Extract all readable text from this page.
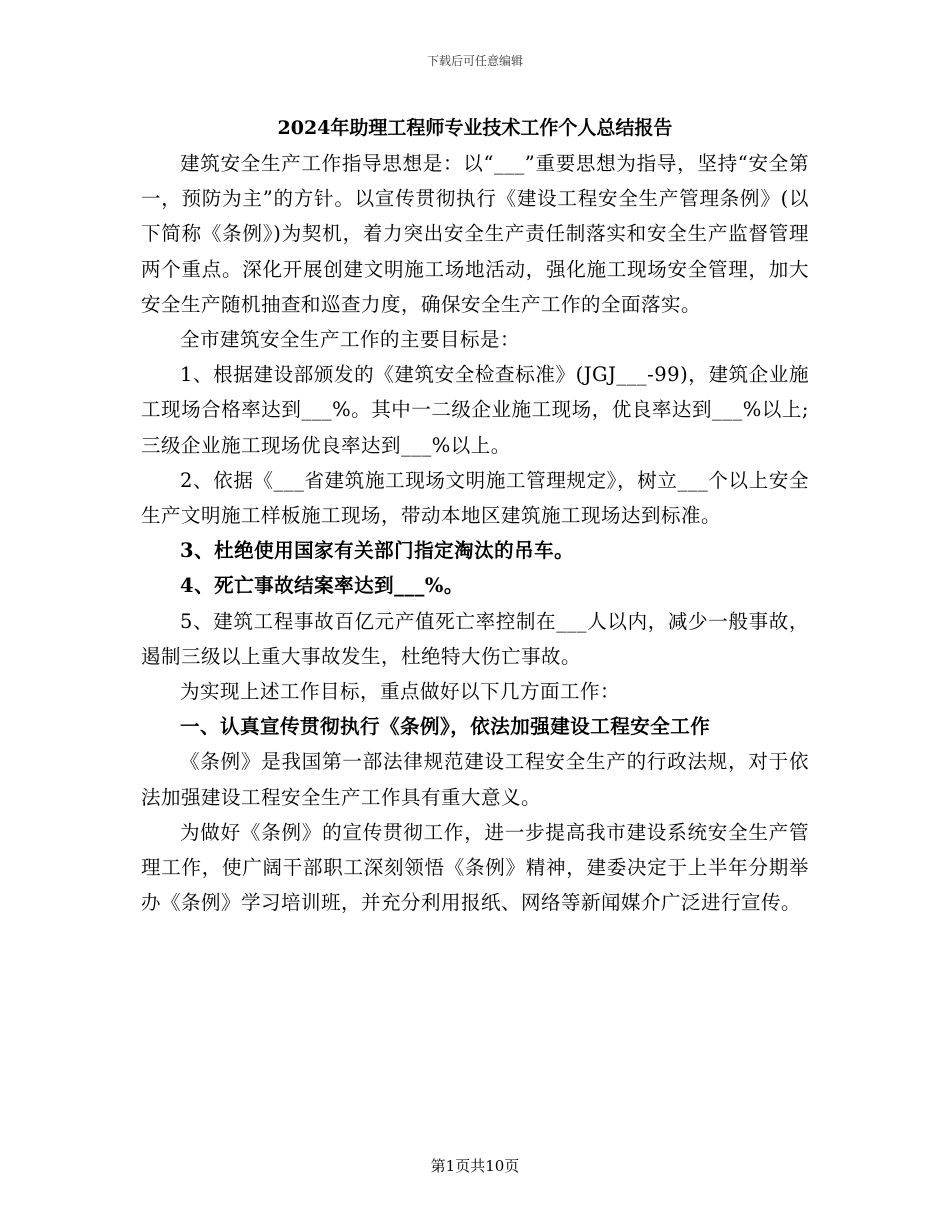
下载后可任意编辑
2024年助理工程师专业技术工作个人总结报告

建筑安全生产工作指导思想是：以“___”重要思想为指导，坚持“安全第一，预防为主”的方针。以宣传贯彻执行《建设工程安全生产管理条例》(以下简称《条例》)为契机，着力突出安全生产责任制落实和安全生产监督管理两个重点。深化开展创建文明施工场地活动，强化施工现场安全管理，加大安全生产随机抽查和巡查力度，确保安全生产工作的全面落实。

全市建筑安全生产工作的主要目标是：

1、根据建设部颁发的《建筑安全检查标准》(JGJ___-99)，建筑企业施工现场合格率达到___%。其中一二级企业施工现场，优良率达到___%以上;三级企业施工现场优良率达到___%以上。

2、依据《___省建筑施工现场文明施工管理规定》，树立___个以上安全生产文明施工样板施工现场，带动本地区建筑施工现场达到标准。

3、杜绝使用国家有关部门指定淘汰的吊车。

4、死亡事故结案率达到___%。

5、建筑工程事故百亿元产值死亡率控制在___人以内，减少一般事故，遏制三级以上重大事故发生，杜绝特大伤亡事故。

为实现上述工作目标，重点做好以下几方面工作：

一、认真宣传贯彻执行《条例》，依法加强建设工程安全工作

《条例》是我国第一部法律规范建设工程安全生产的行政法规，对于依法加强建设工程安全生产工作具有重大意义。

为做好《条例》的宣传贯彻工作，进一步提高我市建设系统安全生产管理工作，使广阔干部职工深刻领悟《条例》精神，建委决定于上半年分期举办《条例》学习培训班，并充分利用报纸、网络等新闻媒介广泛进行宣传。

第1页共10页
